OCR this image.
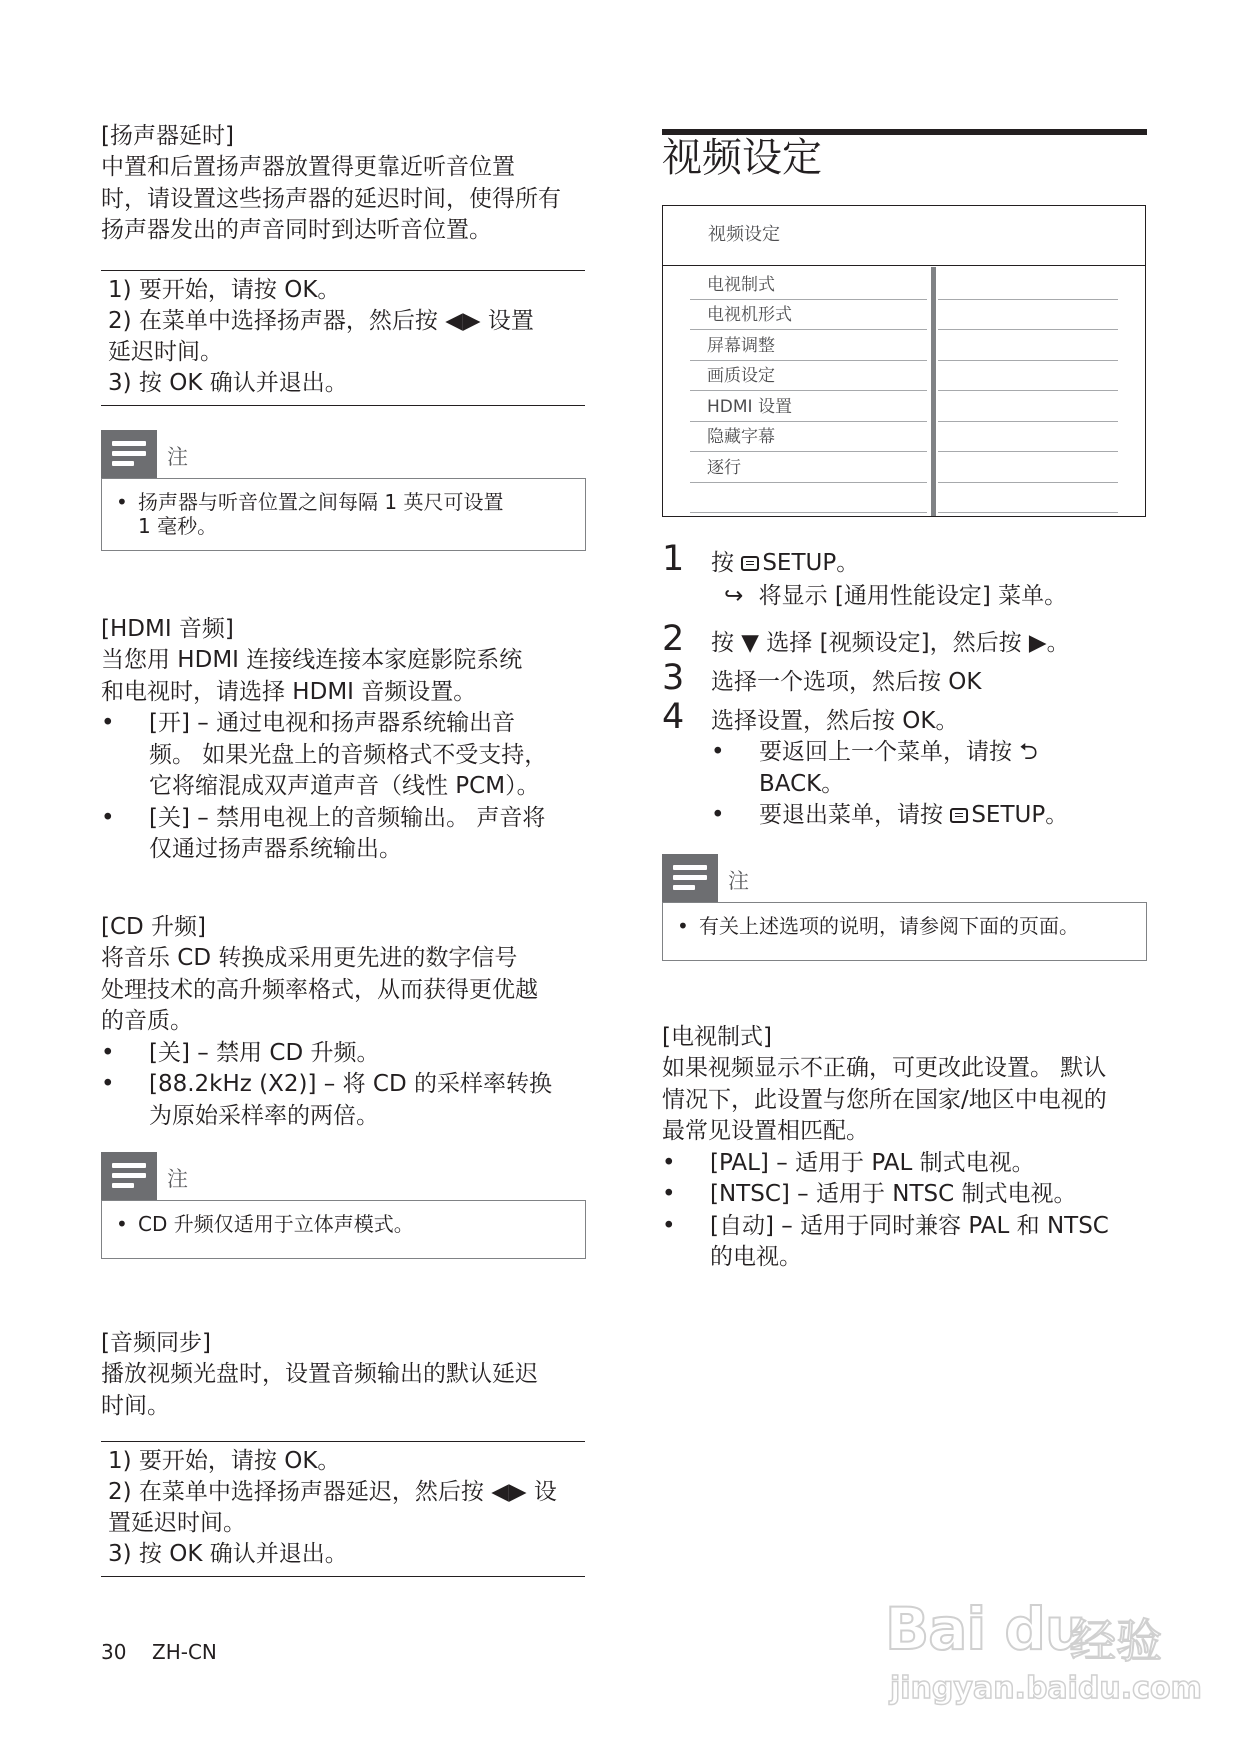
[扬声器延时]

中置和后置扬声器放置得更靠近听音位置

时，请设置这些扬声器的延迟时间，使得所有

扬声器发出的声音同时到达听音位置。

1) 要开始，请按 OK。

2) 在菜单中选择扬声器，然后按 ◀▶ 设置

延迟时间。

3) 按 OK 确认并退出。

注
• 扬声器与听音位置之间每隔 1 英尺可设置
1 毫秒。
[HDMI 音频]

当您用 HDMI 连接线连接本家庭影院系统

和电视时，请选择 HDMI 音频设置。

• [开] – 通过电视和扬声器系统输出音
频。 如果光盘上的音频格式不受支持，
它将缩混成双声道声音（线性 PCM）。
• [关] – 禁用电视上的音频输出。 声音将
仅通过扬声器系统输出。
[CD 升频]

将音乐 CD 转换成采用更先进的数字信号

处理技术的高升频率格式，从而获得更优越

的音质。

• [关] – 禁用 CD 升频。
• [88.2kHz (X2)] – 将 CD 的采样率转换
为原始采样率的两倍。
注
• CD 升频仅适用于立体声模式。
[音频同步]

播放视频光盘时，设置音频输出的默认延迟

时间。

1) 要开始，请按 OK。

2) 在菜单中选择扬声器延迟，然后按 ◀▶ 设

置延迟时间。

3) 按 OK 确认并退出。

视频设定
视频设定
电视制式
电视机形式
屏幕调整
画质设定
HDMI 设置
隐藏字幕
逐行
1 按 SETUP。
↪ 将显示 [通用性能设定] 菜单。
2 按 ▼ 选择 [视频设定]，然后按 ▶。
3 选择一个选项，然后按 OK
4 选择设置，然后按 OK。
• 要返回上一个菜单，请按 ⮌
BACK。
• 要退出菜单，请按 SETUP。
注
• 有关上述选项的说明，请参阅下面的页面。
[电视制式]

如果视频显示不正确，可更改此设置。 默认

情况下，此设置与您所在国家/地区中电视的

最常见设置相匹配。

• [PAL] – 适用于 PAL 制式电视。
• [NTSC] – 适用于 NTSC 制式电视。
• [自动] – 适用于同时兼容 PAL 和 NTSC
的电视。
30 ZH-CN	Bai du
经验
jingyan.baidu.com
